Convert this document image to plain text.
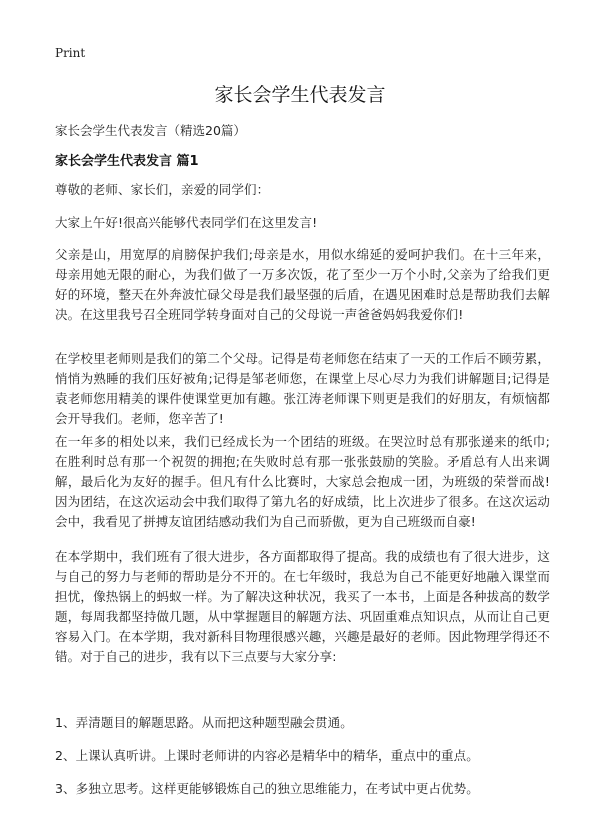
Print
家长会学生代表发言
家长会学生代表发言（精选20篇）
家长会学生代表发言 篇1
尊敬的老师、家长们，亲爱的同学们：
大家上午好!很高兴能够代表同学们在这里发言!
父亲是山，用宽厚的肩膀保护我们;母亲是水，用似水绵延的爱呵护我们。在十三年来，母亲用她无限的耐心，为我们做了一万多次饭，花了至少一万个小时,父亲为了给我们更好的环境，整天在外奔波忙碌父母是我们最坚强的后盾，在遇见困难时总是帮助我们去解决。在这里我号召全班同学转身面对自己的父母说一声爸爸妈妈我爱你们!
在学校里老师则是我们的第二个父母。记得是苟老师您在结束了一天的工作后不顾劳累，悄悄为熟睡的我们压好被角;记得是邹老师您，在课堂上尽心尽力为我们讲解题目;记得是袁老师您用精美的课件使课堂更加有趣。张江涛老师课下则更是我们的好朋友，有烦恼都会开导我们。老师，您辛苦了!
在一年多的相处以来，我们已经成长为一个团结的班级。在哭泣时总有那张递来的纸巾;在胜利时总有那一个祝贺的拥抱;在失败时总有那一张张鼓励的笑脸。矛盾总有人出来调解，最后化为友好的握手。但凡有什么比赛时，大家总会抱成一团，为班级的荣誉而战!因为团结，在这次运动会中我们取得了第九名的好成绩，比上次进步了很多。在这次运动会中，我看见了拼搏友谊团结感动我们为自己而骄傲，更为自己班级而自豪!
在本学期中，我们班有了很大进步，各方面都取得了提高。我的成绩也有了很大进步，这与自己的努力与老师的帮助是分不开的。在七年级时，我总为自己不能更好地融入课堂而担忧，像热锅上的蚂蚁一样。为了解决这种状况，我买了一本书，上面是各种拔高的数学题，每周我都坚持做几题，从中掌握题目的解题方法、巩固重难点知识点，从而让自己更容易入门。在本学期，我对新科目物理很感兴趣，兴趣是最好的老师。因此物理学得还不错。对于自己的进步，我有以下三点要与大家分享:
1、弄清题目的解题思路。从而把这种题型融会贯通。
2、上课认真听讲。上课时老师讲的内容必是精华中的精华，重点中的重点。
3、多独立思考。这样更能够锻炼自己的独立思维能力，在考试中更占优势。
